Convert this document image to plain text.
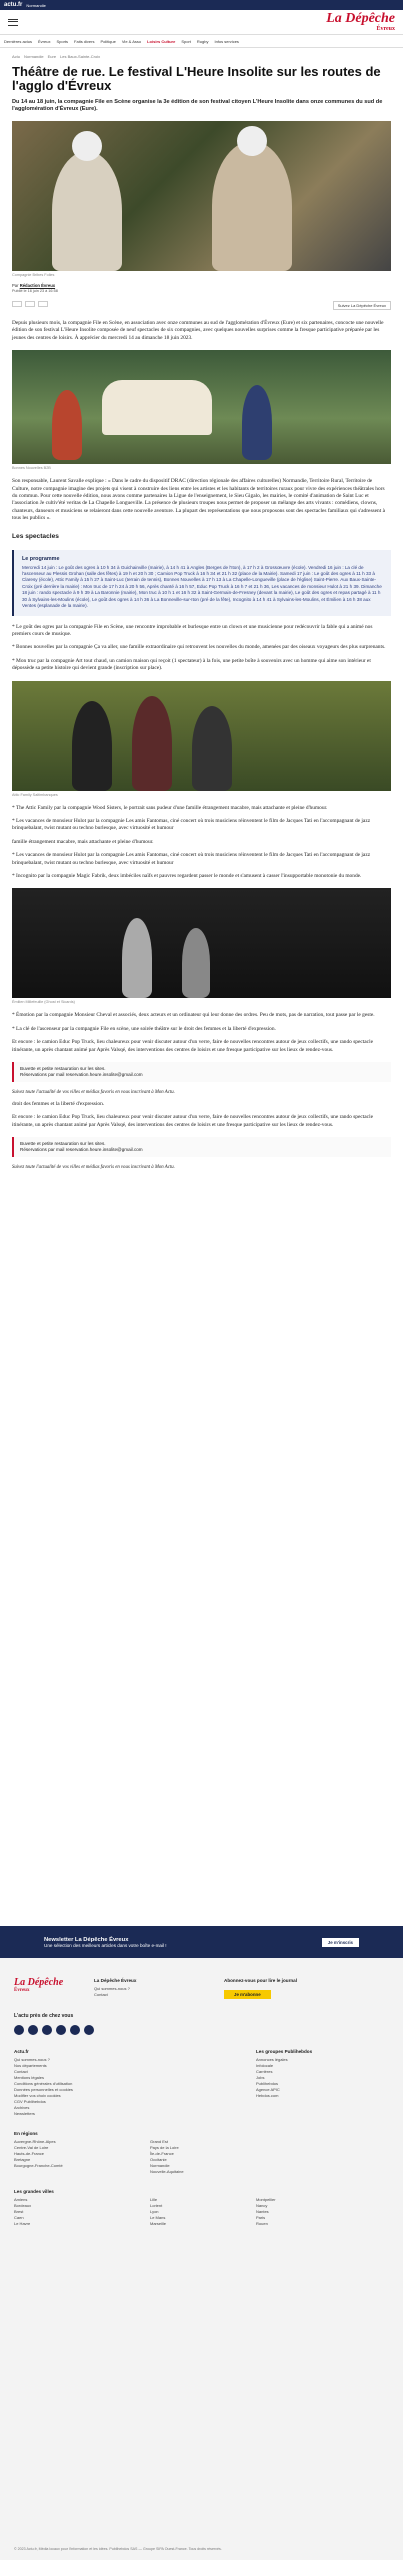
actu.fr Normandie
La Dépêche
Évreux
Dernières actus Évreux Sports Faits divers Politique Vie & Asso Loisirs Culture Sport Rugby Infos services
Actu Normandie Eure Les Baux-Sainte-Croix
Théâtre de rue. Le festival L'Heure Insolite sur les routes de l'agglo d'Évreux

Du 14 au 18 juin, la compagnie File en Scène organise la 3e édition de son festival citoyen L'Heure Insolite dans onze communes du sud de l'agglomération d'Évreux (Eure).

Compagnie Bribes Folies
Par Rédaction Évreux
Publié le 16 juin 23 à 16:58
Suivez La Dépêche Évreux

Depuis plusieurs mois, la compagnie File en Scène, en association avec onze communes au sud de l'agglomération d'Évreux (Eure) et six partenaires, concocte une nouvelle édition de son festival L'Heure Insolite composée de neuf spectacles de six compagnies, avec quelques nouvelles surprises comme la fresque participative préparée par les jeunes des centres de loisirs. À apprécier du mercredi 14 au dimanche 18 juin 2023.

Bonnes Nouvelles B2B

Son responsable, Laurent Savalle explique : « Dans le cadre du dispositif DRAC (direction régionale des affaires culturelles) Normandie, Territoire Rural, Territoire de Culture, notre compagnie imagine des projets qui visent à construire des liens entre les artistes et les habitants de territoires ruraux pour vivre des expériences théâtrales hors du commun. Pour cette nouvelle édition, nous avons comme partenaires la Ligue de l'enseignement, le Sieu Gigalo, les mairies, le comité d'animation de Saint Luc et l'association Je cultiv'été veritas de La Chapelle Longueville. La présence de plusieurs troupes nous permet de proposer un mélange des arts vivants : comédiens, clowns, chanteurs, danseurs et musiciens se relaieront dans cette nouvelle aventure. La plupart des représentations que nous proposons sont des spectacles familiaux qui s'adressent à tous les publics ».

Les spectacles
Le programme

Mercredi 14 juin : Le goût des ogres à 10 h 34 à Guichainville (mairie), à 14 h 41 à Angles (Berges de l'Iton), à 17 h 2 à Grossœuvre (école). Vendredi 16 juin : La clé de l'ascenseur au Plessis Grohan (salle des fêtes) à 19 h et 20 h 30 ; Camion Pop Truck à 16 h 34 et 21 h 32 (place de la Mairie). Samedi 17 juin : Le goût des ogres à 11 h 33 à Claresy (école), Attic Family à 15 h 27 à Saint-Luc (terrain de tennis), Bonnes Nouvelles à 17 h 13 à La Chapelle-Longueville (place de l'église) Saint-Pierre. Aux Baux-Sainte-Croix (pré derrière la mairie) : Mon truc de 17 h 24 à 20 h 56, Après chanté à 16 h 57, Educ Pop Truck à 16 h 7 et 21 h 36, Les vacances de monsieur Hulot à 21 h 39. Dimanche 18 juin : rando spectacle à 9 h 39 à La Baronnie (mairie), Mon truc à 10 h 1 et 16 h 32 à Saint-Germain-de-Fresney (devant la mairie), Le goût des ogres et repas partagé à 11 h 30 à Sylvains-les-Moulins (école), Le goût des ogres à 14 h 36 à La Bonneville-sur-Iton (pré de la fête), Incognito à 14 h 41 à Sylvains-les-Moulins, et Émilien à 16 h 38 aux Ventes (esplanade de la mairie).

* Le goût des ogres par la compagnie File en Scène, une rencontre improbable et burlesque entre un clown et une musicienne pour redécouvrir la fable qui a animé nos premiers cours de musique.

* Bonnes nouvelles par la compagnie Ça va aller, une famille extraordinaire qui retrouvent les nouvelles du monde, amenées par des oiseaux voyageurs des plus surprenants.

* Mon truc par la compagnie Art tout chaud, un camion maison qui reçoit (1 spectateur) à la fois, une petite boîte à souvenirs avec un homme qui aime son intérieur et dépossède sa petite histoire qui devient grande (inscription sur place).

Attic Family Saltimbanques

* The Attic Family par la compagnie Wood Sisters, le portrait sans pudeur d'une famille étrangement macabre, mais attachante et pleine d'humour.

* Les vacances de monsieur Hulot par la compagnie Les amis Fantomas, ciné concert où trois musiciens réinventent le film de Jacques Tati en l'accompagnant de jazz brinquebalant, twist mutant ou techno burlesque, avec virtuosité et humour

famille étrangement macabre, mais attachante et pleine d'humour.

* Les vacances de monsieur Hulot par la compagnie Les amis Fantomas, ciné concert où trois musiciens réinventent le film de Jacques Tati en l'accompagnant de jazz brinquebalant, twist mutant ou techno burlesque, avec virtuosité et humour

* Incognito par la compagnie Magic Fabrik, deux imbéciles naïfs et pauvres regardent passer le monde et s'amusent à casser l'insupportable monotonie du monde.

Émilien Millefeuille (Ghost et Sicards)

* Émotion par la compagnie Monsieur Cheval et associés, deux acteurs et un ordinateur qui leur donne des ordres. Peu de mots, pas de narration, tout passe par le geste.

* La clé de l'ascenseur par la compagnie File en scène, une soirée théâtre sur le droit des femmes et la liberté d'expression.

Et encore : le camion Educ Pop Truck, lieu chaleureux pour venir discuter autour d'un verre, faire de nouvelles rencontres autour de jeux collectifs, une rando spectacle itinérante, un après chantant animé par Après Valsqé, des interventions des centres de loisirs et une fresque participative sur les lieux de rendez-vous.

Buvette et petite restauration sur les sites.
Réservations par mail reservation.heure.insolite@gmail.com

Suivez toute l'actualité de vos villes et médias favoris en vous inscrivant à Mon Actu.

droit des femmes et la liberté d'expression.

Et encore : le camion Educ Pop Truck, lieu chaleureux pour venir discuter autour d'un verre, faire de nouvelles rencontres autour de jeux collectifs, une rando spectacle itinérante, un après chantant animé par Après Valsqé, des interventions des centres de loisirs et une fresque participative sur les lieux de rendez-vous.

Buvette et petite restauration sur les sites.
Réservations par mail reservation.heure.insolite@gmail.com

Suivez toute l'actualité de vos villes et médias favoris en vous inscrivant à Mon Actu.

Newsletter La Dépêche Évreux
Une sélection des meilleurs articles dans votre boîte e-mail !
Je m'inscris
La Dépêche
Évreux
La Dépêche Évreux
Qui sommes-nous ?
Contact
Abonnez-vous pour lire le journal
Je m'abonne
L'actu près de chez vous
Actu.fr
Qui sommes-nous ?
Nos départements
Contact
Mentions légales
Conditions générales d'utilisation
Données personnelles et cookies
Modifier vos choix cookies
CGV Publihebdos
Archives
Newsletters
Les groupes Publihebdos
Annonces légales
Infolocale
Carrières
Jobs
Publihebdos
Agence APIC
Hebdos.com
En régions
Auvergne-Rhône-Alpes
Centre-Val de Loire
Hauts-de-France
Bretagne
Bourgogne-Franche-Comté

Grand Est
Pays de la Loire
Île-de-France
Occitanie
Normandie
Nouvelle-Aquitaine
Les grandes villes
Amiens
Bordeaux
Brest
Caen
Le Havre

Lille
Lorient
Lyon
Le Mans
Marseille

Montpellier
Nancy
Nantes
Paris
Rouen
© 2023 Actu.fr, Média locaux pour l'information et les idées. Publihebdos SAS — Groupe SIPA Ouest-France. Tous droits réservés.
